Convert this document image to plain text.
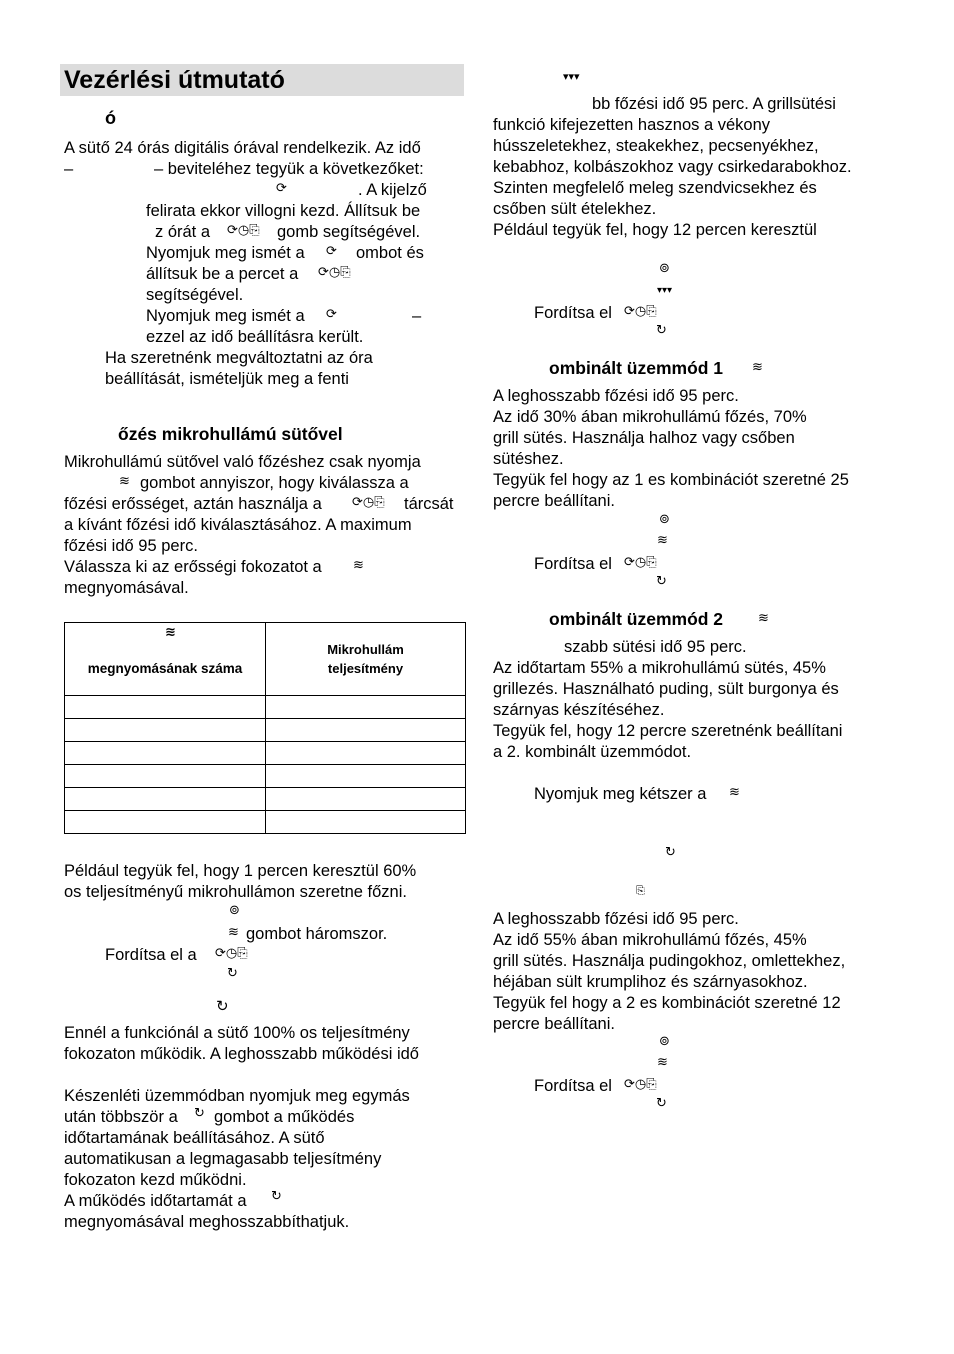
Vezérlési útmutató
ó
A sütő 24 órás digitális órával rendelkezik. Az idő
–	– beviteléhez tegyük a következőket:
⟳	. A kijelző
felirata ekkor villogni kezd. Állítsuk be
z órát a ⟳◷⎘ gomb segítségével.
Nyomjuk meg ismét a ⟳ ombot és
állítsuk be a percet a ⟳◷⎘
segítségével.
Nyomjuk meg ismét a ⟳	–
ezzel az idő beállításra került.
Ha szeretnénk megváltoztatni az óra
beállítását, ismételjük meg a fenti
őzés mikrohullámú sütővel
Mikrohullámú sütővel való főzéshez csak nyomja
≋ gombot annyiszor, hogy kiválassza a
főzési erősséget, aztán használja a ⟳◷⎘ tárcsát
a kívánt főzési idő kiválasztásához. A maximum
főzési idő 95 perc.
Válassza ki az erősségi fokozatot a ≋
megnyomásával.
≋
megnyomásának száma	Mikrohullám teljesítmény

Például tegyük fel, hogy 1 percen keresztül 60%
os teljesítményű mikrohullámon szeretne főzni.
⊚
≋ gombot háromszor.
Fordítsa el a ⟳◷⎘
↻
↻
Ennél a funkciónál a sütő 100% os teljesítmény
fokozaton működik. A leghosszabb működési idő
Készenléti üzemmódban nyomjuk meg egymás
után többször a ↻ gombot a működés
időtartamának beállításához. A sütő
automatikusan a legmagasabb teljesítmény
fokozaton kezd működni.
A működés időtartamát a ↻
megnyomásával meghosszabbíthatjuk.
▾▾▾
bb főzési idő 95 perc. A grillsütési
funkció kifejezetten hasznos a vékony
hússzeletekhez, steakekhez, pecsenyékhez,
kebabhoz, kolbászokhoz vagy csirkedarabokhoz.
Szinten megfelelő meleg szendvicsekhez és
csőben sült ételekhez.
Például tegyük fel, hogy 12 percen keresztül
⊚
▾▾▾
Fordítsa el ⟳◷⎘
↻
ombinált üzemmód 1 ≋
A leghosszabb főzési idő 95 perc.
Az idő 30% ában mikrohullámú főzés, 70%
grill sütés. Használja halhoz vagy csőben
sütéshez.
Tegyük fel hogy az 1 es kombinációt szeretné 25
percre beállítani.
⊚
≋
Fordítsa el ⟳◷⎘
↻
ombinált üzemmód 2	≋
szabb sütési idő 95 perc.
Az időtartam 55% a mikrohullámú sütés, 45%
grillezés. Használható puding, sült burgonya és
szárnyas készítéséhez.
Tegyük fel, hogy 12 percre szeretnénk beállítani
a 2. kombinált üzemmódot.
Nyomjuk meg kétszer a ≋
↻
⎘
A leghosszabb főzési idő 95 perc.
Az idő 55% ában mikrohullámú főzés, 45%
grill sütés. Használja pudingokhoz, omlettekhez,
héjában sült krumplihoz és szárnyasokhoz.
Tegyük fel hogy a 2 es kombinációt szeretné 12
percre beállítani.
⊚
≋
Fordítsa el ⟳◷⎘
↻
